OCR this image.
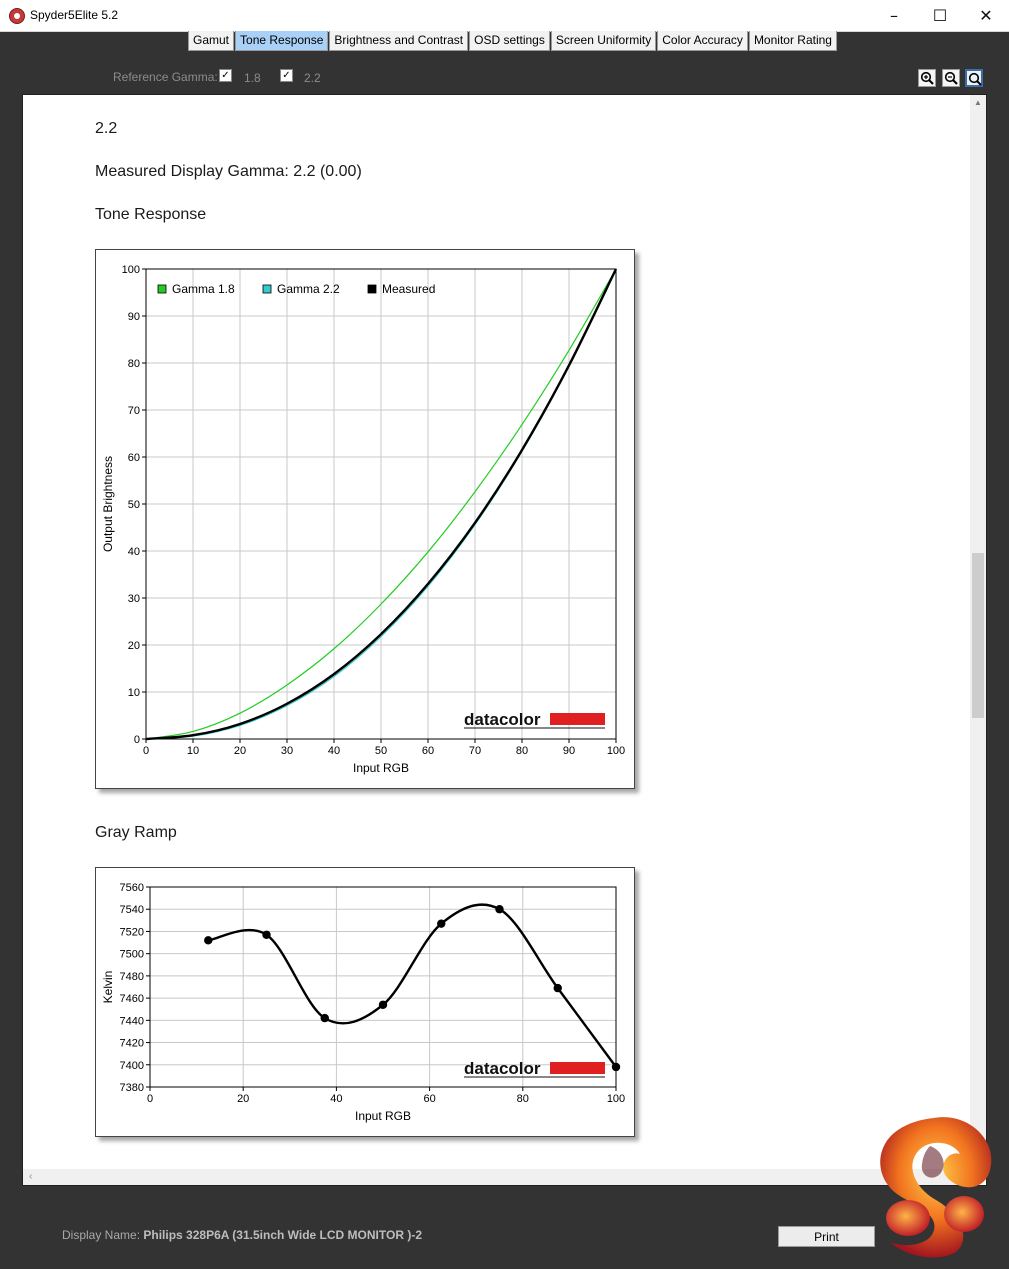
Spyder5Elite 5.2	–	☐	✕
Gamut Tone Response Brightness and Contrast OSD settings Screen Uniformity Color Accuracy Monitor Rating
Reference Gamma: ✓ 1.8 ✓ 2.2
2.2
Measured Display Gamma: 2.2 (0.00)
Tone Response
0	10	20	30	40	50	60	70	80	90	100
0
10
20
30
40
50
60
70
80
90
100
Input RGB
Output Brightness
datacolor
Gamma 1.8	Gamma 2.2	Measured
Gray Ramp
0	20	40	60	80	100
7380
7400
7420
7440
7460
7480
7500
7520
7540
7560
Input RGB
Kelvin
datacolor
▲
‹
Display Name: Philips 328P6A (31.5inch Wide LCD MONITOR )-2	Print
